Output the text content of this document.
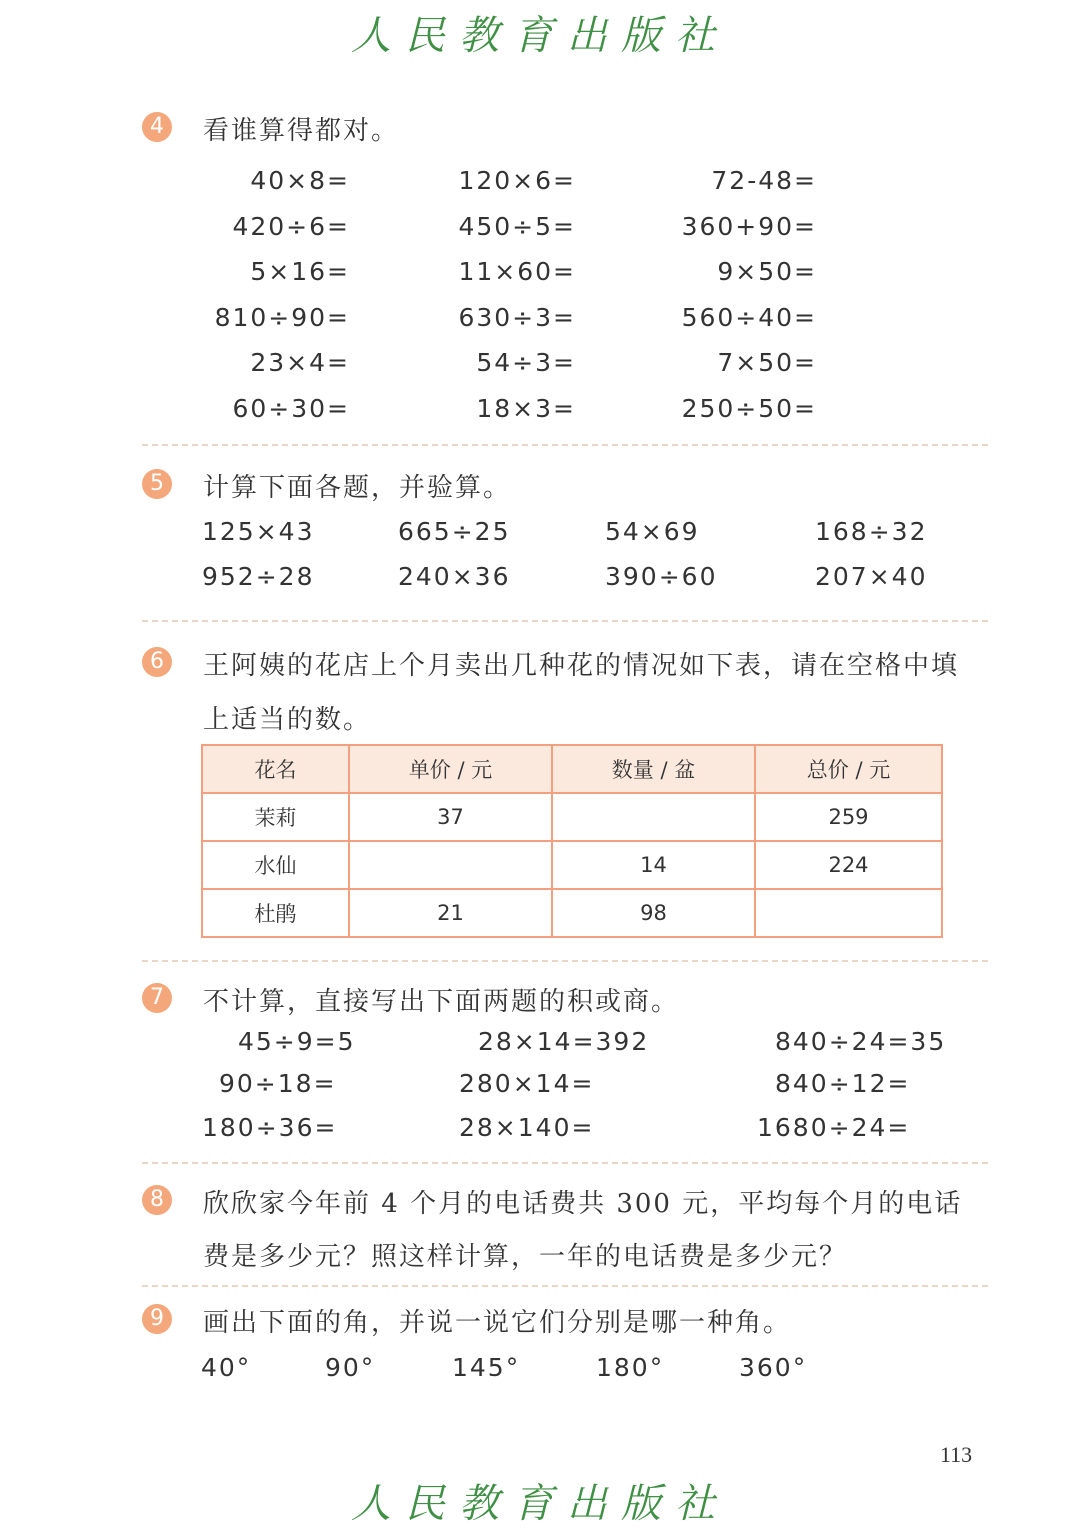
人民教育出版社
4	看谁算得都对。
40×8=	120×6=	72-48=
420÷6=	450÷5=	360+90=
5×16=	11×60=	9×50=
810÷90=	630÷3=	560÷40=
23×4=	54÷3=	7×50=
60÷30=	18×3=	250÷50=
5	计算下面各题，并验算。
125×43	665÷25	54×69	168÷32
952÷28	240×36	390÷60	207×40
6	王阿姨的花店上个月卖出几种花的情况如下表，请在空格中填
上适当的数。
花名	单价 / 元	数量 / 盆	总价 / 元
茉莉	37		259
水仙		14	224
杜鹃	21	98	
7	不计算，直接写出下面两题的积或商。
45÷9=5	28×14=392	840÷24=35
90÷18=	280×14=	840÷12=
180÷36=	28×140=	1680÷24=
8	欣欣家今年前 4 个月的电话费共 300 元，平均每个月的电话
费是多少元？照这样计算，一年的电话费是多少元？
9	画出下面的角，并说一说它们分别是哪一种角。
40°	90°	145°	180°	360°
113
人民教育出版社
